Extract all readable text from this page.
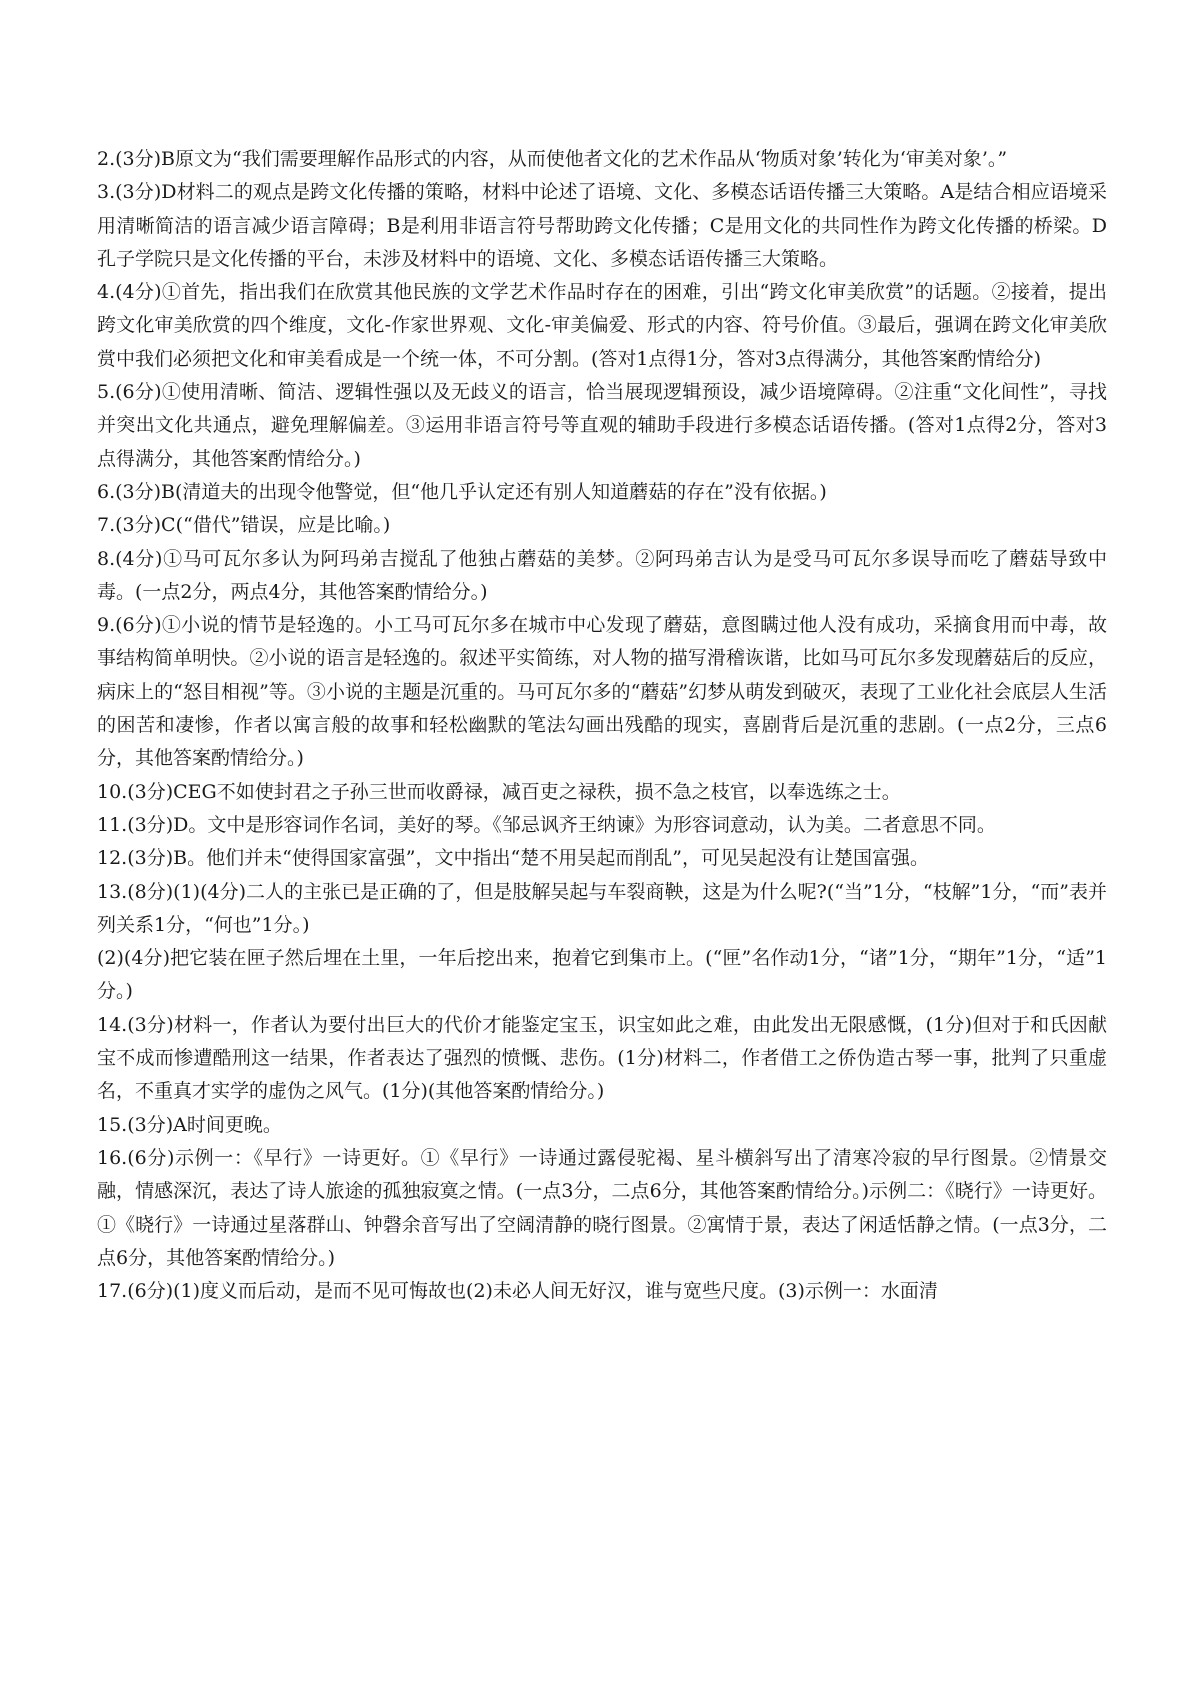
2.(3分)B原文为“我们需要理解作品形式的内容，从而使他者文化的艺术作品从‘物质对象’转化为‘审美对象’。”

3.(3分)D材料二的观点是跨文化传播的策略，材料中论述了语境、文化、多模态话语传播三大策略。A是结合相应语境采用清晰简洁的语言减少语言障碍；B是利用非语言符号帮助跨文化传播；C是用文化的共同性作为跨文化传播的桥梁。D孔子学院只是文化传播的平台，未涉及材料中的语境、文化、多模态话语传播三大策略。

4.(4分)①首先，指出我们在欣赏其他民族的文学艺术作品时存在的困难，引出“跨文化审美欣赏”的话题。②接着，提出跨文化审美欣赏的四个维度，文化-作家世界观、文化-审美偏爱、形式的内容、符号价值。③最后，强调在跨文化审美欣赏中我们必须把文化和审美看成是一个统一体，不可分割。(答对1点得1分，答对3点得满分，其他答案酌情给分)

5.(6分)①使用清晰、简洁、逻辑性强以及无歧义的语言，恰当展现逻辑预设，减少语境障碍。②注重“文化间性”，寻找并突出文化共通点，避免理解偏差。③运用非语言符号等直观的辅助手段进行多模态话语传播。(答对1点得2分，答对3点得满分，其他答案酌情给分。)

6.(3分)B(清道夫的出现令他警觉，但“他几乎认定还有别人知道蘑菇的存在”没有依据。)

7.(3分)C(“借代”错误，应是比喻。)

8.(4分)①马可瓦尔多认为阿玛弟吉搅乱了他独占蘑菇的美梦。②阿玛弟吉认为是受马可瓦尔多误导而吃了蘑菇导致中毒。(一点2分，两点4分，其他答案酌情给分。)

9.(6分)①小说的情节是轻逸的。小工马可瓦尔多在城市中心发现了蘑菇，意图瞒过他人没有成功，采摘食用而中毒，故事结构简单明快。②小说的语言是轻逸的。叙述平实简练，对人物的描写滑稽诙谐，比如马可瓦尔多发现蘑菇后的反应，病床上的“怒目相视”等。③小说的主题是沉重的。马可瓦尔多的“蘑菇”幻梦从萌发到破灭，表现了工业化社会底层人生活的困苦和凄惨，作者以寓言般的故事和轻松幽默的笔法勾画出残酷的现实，喜剧背后是沉重的悲剧。(一点2分，三点6分，其他答案酌情给分。)

10.(3分)CEG不如使封君之子孙三世而收爵禄，减百吏之禄秩，损不急之枝官，以奉选练之士。

11.(3分)D。文中是形容词作名词，美好的琴。《邹忌讽齐王纳谏》为形容词意动，认为美。二者意思不同。

12.(3分)B。他们并未“使得国家富强”，文中指出“楚不用吴起而削乱”，可见吴起没有让楚国富强。

13.(8分)(1)(4分)二人的主张已是正确的了，但是肢解吴起与车裂商鞅，这是为什么呢?(“当”1分，“枝解”1分，“而”表并列关系1分，“何也”1分。)

(2)(4分)把它装在匣子然后埋在土里，一年后挖出来，抱着它到集市上。(“匣”名作动1分，“诸”1分，“期年”1分，“适”1分。)

14.(3分)材料一，作者认为要付出巨大的代价才能鉴定宝玉，识宝如此之难，由此发出无限感慨，(1分)但对于和氏因献宝不成而惨遭酷刑这一结果，作者表达了强烈的愤慨、悲伤。(1分)材料二，作者借工之侨伪造古琴一事，批判了只重虚名，不重真才实学的虚伪之风气。(1分)(其他答案酌情给分。)

15.(3分)A时间更晚。

16.(6分)示例一：《早行》一诗更好。①《早行》一诗通过露侵驼褐、星斗横斜写出了清寒冷寂的早行图景。②情景交融，情感深沉，表达了诗人旅途的孤独寂寞之情。(一点3分，二点6分，其他答案酌情给分。)示例二：《晓行》一诗更好。①《晓行》一诗通过星落群山、钟磬余音写出了空阔清静的晓行图景。②寓情于景，表达了闲适恬静之情。(一点3分，二点6分，其他答案酌情给分。)

17.(6分)(1)度义而后动，是而不见可悔故也(2)未必人间无好汉，谁与宽些尺度。(3)示例一：水面清
